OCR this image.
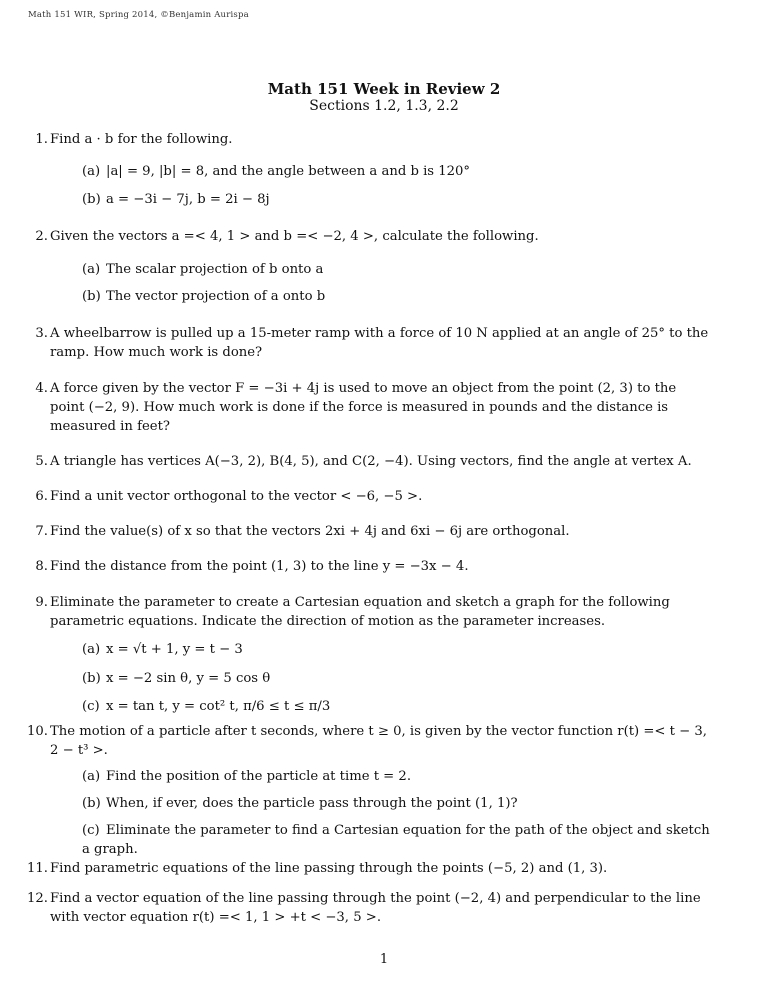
Math 151 WIR, Spring 2014, ©Benjamin Aurispa
Math 151 Week in Review 2
Sections 1.2, 1.3, 2.2
1. Find a · b for the following.
(a) |a| = 9, |b| = 8, and the angle between a and b is 120°
(b) a = −3i − 7j, b = 2i − 8j
2. Given the vectors a =< 4, 1 > and b =< −2, 4 >, calculate the following.
(a) The scalar projection of b onto a
(b) The vector projection of a onto b
3. A wheelbarrow is pulled up a 15-meter ramp with a force of 10 N applied at an angle of 25° to the ramp. How much work is done?
4. A force given by the vector F = −3i + 4j is used to move an object from the point (2, 3) to the point (−2, 9). How much work is done if the force is measured in pounds and the distance is measured in feet?
5. A triangle has vertices A(−3, 2), B(4, 5), and C(2, −4). Using vectors, find the angle at vertex A.
6. Find a unit vector orthogonal to the vector < −6, −5 >.
7. Find the value(s) of x so that the vectors 2xi + 4j and 6xi − 6j are orthogonal.
8. Find the distance from the point (1, 3) to the line y = −3x − 4.
9. Eliminate the parameter to create a Cartesian equation and sketch a graph for the following parametric equations. Indicate the direction of motion as the parameter increases.
(a) x = √t + 1, y = t − 3
(b) x = −2 sin θ, y = 5 cos θ
(c) x = tan t, y = cot² t, π/6 ≤ t ≤ π/3
10. The motion of a particle after t seconds, where t ≥ 0, is given by the vector function r(t) =< t − 3, 2 − t³ >.
(a) Find the position of the particle at time t = 2.
(b) When, if ever, does the particle pass through the point (1, 1)?
(c) Eliminate the parameter to find a Cartesian equation for the path of the object and sketch a graph.
11. Find parametric equations of the line passing through the points (−5, 2) and (1, 3).
12. Find a vector equation of the line passing through the point (−2, 4) and perpendicular to the line with vector equation r(t) =< 1, 1 > +t < −3, 5 >.
1
